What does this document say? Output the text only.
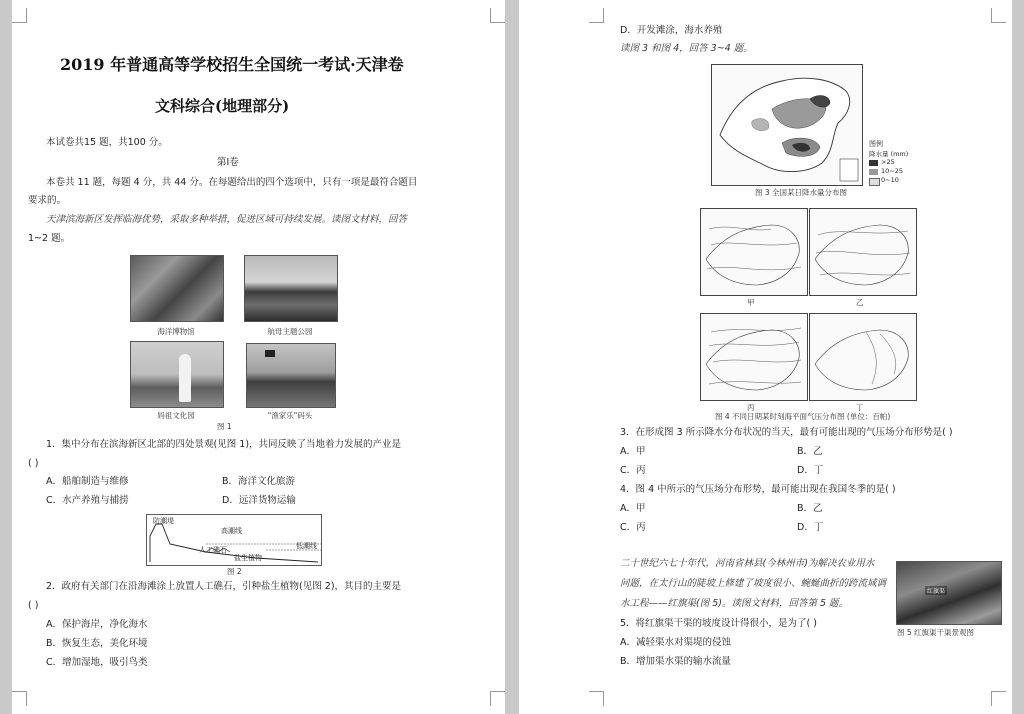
2019 年普通高等学校招生全国统一考试·天津卷
文科综合(地理部分)
本试卷共15 题，共100 分。
第Ⅰ卷
本卷共 11 题，每题 4 分，共 44 分。在每题给出的四个选项中，只有一项是最符合题目
要求的。
天津滨海新区发挥临海优势，采取多种举措，促进区域可持续发展。读图文材料，回答
1~2 题。
海洋博物馆	航母主题公园
妈祖文化园	"渔家乐"码头
图 1
1．集中分布在滨海新区北部的四处景观(见图 1)，共同反映了当地着力发展的产业是
( )
A．船舶制造与维修	B．海洋文化旅游
C．水产养殖与捕捞	D．远洋货物运输
防潮堤
高潮线
人工礁石
盐生植物
低潮线
图 2
2．政府有关部门在沿海滩涂上放置人工礁石，引种盐生植物(见图 2)，其目的主要是
( )
A．保护海岸，净化海水
B．恢复生态，美化环境
C．增加湿地，吸引鸟类
D．开发滩涂，海水养殖
读图 3 和图 4，回答 3~4 题。
图例
降水量 (mm)
>25
10~25
0~10
图 3 全国某日降水量分布图
甲	乙
丙	丁
图 4 不同日期某时刻海平面气压分布图 (单位：百帕)
3．在形成图 3 所示降水分布状况的当天，最有可能出现的气压场分布形势是( )
A．甲	B．乙
C．丙	D．丁
4．图 4 中所示的气压场分布形势，最可能出现在我国冬季的是( )
A．甲	B．乙
C．丙	D．丁
二十世纪六七十年代，河南省林县(今林州市)为解决农业用水
问题，在太行山的陡坡上修建了坡度很小、蜿蜒曲折的跨流域调
水工程——红旗渠(图 5)。读图文材料，回答第 5 题。
红旗渠
图 5 红旗渠干渠景观图
5．将红旗渠干渠的坡度设计得很小，是为了( )
A．减轻渠水对渠堤的侵蚀
B．增加渠水渠的输水流量
